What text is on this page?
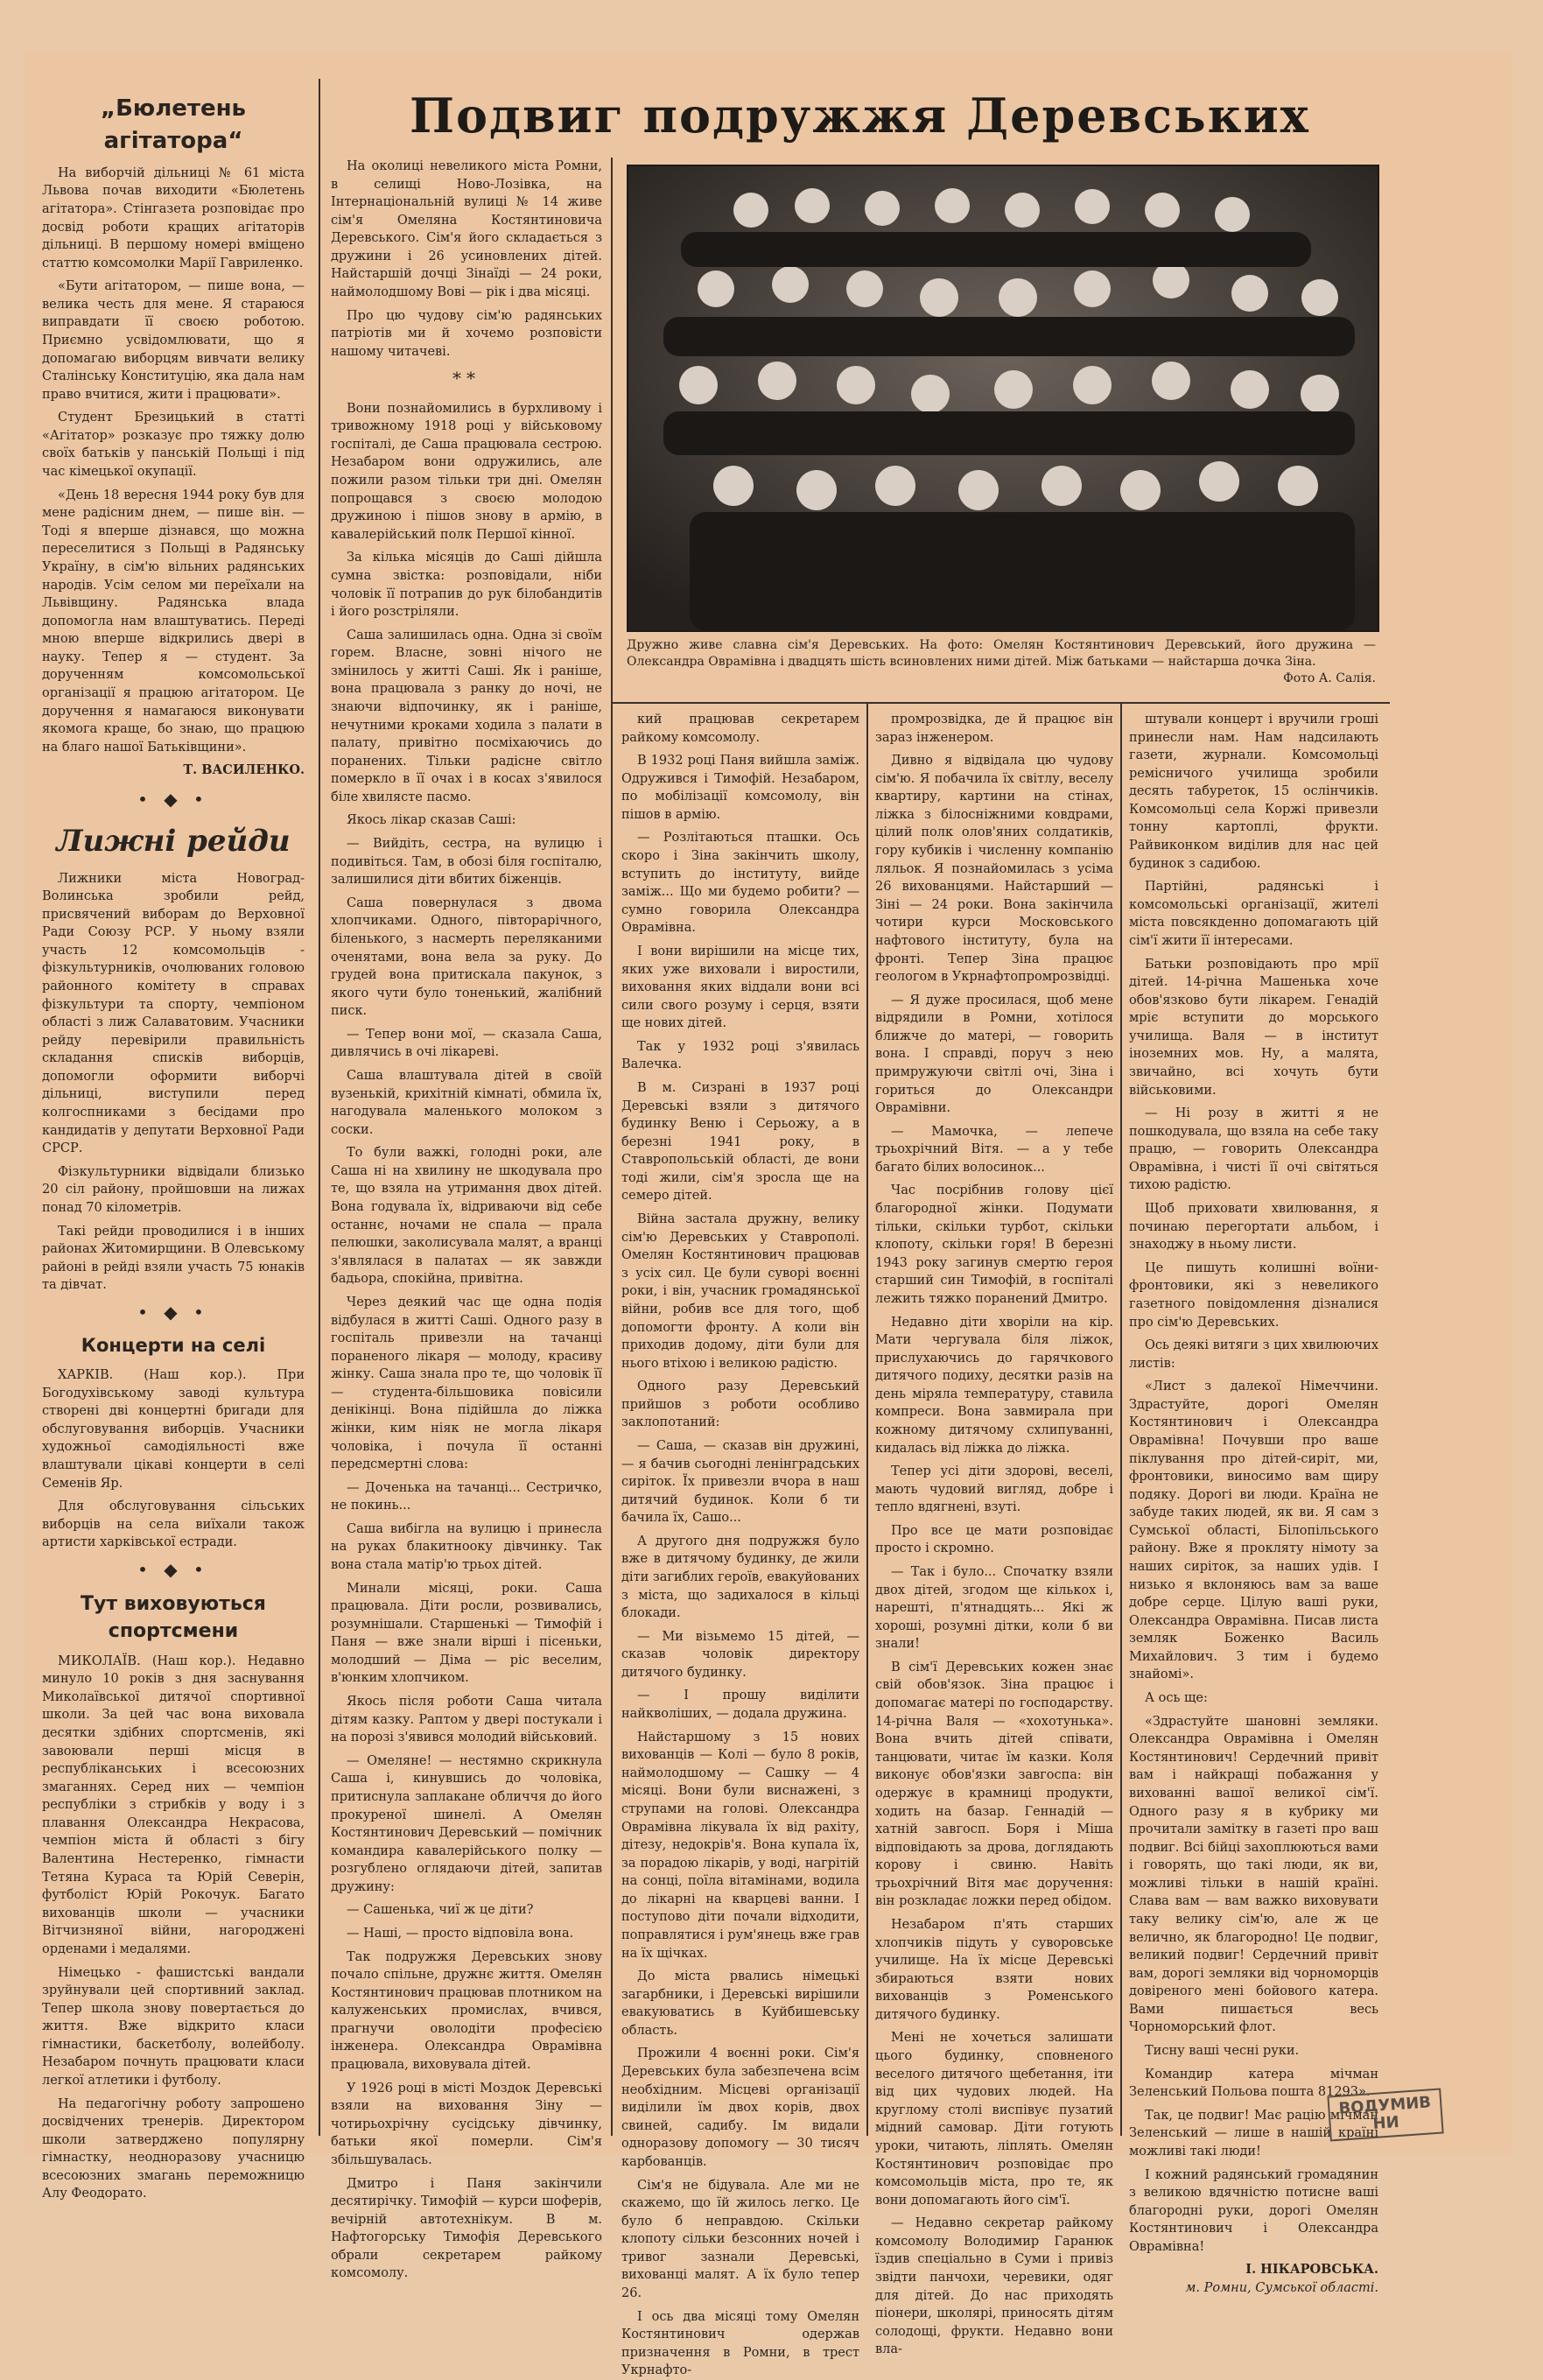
„Бюлетень агітатора“

На виборчій дільниці № 61 міста Львова почав виходити «Бюлетень агітатора». Стінгазета розповідає про досвід роботи кращих агітаторів дільниці. В першому номері вміщено статтю комсомолки Марії Гавриленко.

«Бути агітатором, — пише вона, — велика честь для мене. Я стараюся виправдати її своєю роботою. Приємно усвідомлювати, що я допомагаю виборцям вивчати велику Сталінську Конституцію, яка дала нам право вчитися, жити і працювати».

Студент Брезицький в статті «Агітатор» розказує про тяжку долю своїх батьків у панській Польщі і під час кімецької окупації.

«День 18 вересня 1944 року був для мене радісним днем, — пише він. — Тоді я вперше дізнався, що можна переселитися з Польщі в Радянську Україну, в сім'ю вільних радянських народів. Усім селом ми переїхали на Львівщину. Радянська влада допомогла нам влаштуватись. Переді мною вперше відкрились двері в науку. Тепер я — студент. За дорученням комсомольської організації я працюю агітатором. Це доручення я намагаюся виконувати якомога краще, бо знаю, що працюю на благо нашої Батьківщини».

Т. ВАСИЛЕНКО.
• ◆ •
Лижні рейди

Лижники міста Новоград-Волинська зробили рейд, присвячений виборам до Верховної Ради Союзу РСР. У ньому взяли участь 12 комсомольців - фізкультурників, очолюваних головою районного комітету в справах фізкультури та спорту, чемпіоном області з лиж Салаватовим. Учасники рейду перевірили правильність складання списків виборців, допомогли оформити виборчі дільниці, виступили перед колгоспниками з бесідами про кандидатів у депутати Верховної Ради СРСР.

Фізкультурники відвідали близько 20 сіл району, пройшовши на лижах понад 70 кілометрів.

Такі рейди проводилися і в інших районах Житомирщини. В Олевському районі в рейді взяли участь 75 юнаків та дівчат.

• ◆ •
Концерти на селі

ХАРКІВ. (Наш кор.). При Богодухівському заводі культура створені дві концертні бригади для обслуговування виборців. Учасники художньої самодіяльності вже влаштували цікаві концерти в селі Семенів Яр.

Для обслуговування сільських виборців на села виїхали також артисти харківської естради.

• ◆ •
Тут виховуються спортсмени

МИКОЛАЇВ. (Наш кор.). Недавно минуло 10 років з дня заснування Миколаївської дитячої спортивної школи. За цей час вона виховала десятки здібних спортсменів, які завоювали перші місця в республіканських і всесоюзних змаганнях. Серед них — чемпіон республіки з стрибків у воду і з плавання Олександра Некрасова, чемпіон міста й області з бігу Валентина Нестеренко, гімнасти Тетяна Кураса та Юрій Северін, футболіст Юрій Рокочук. Багато вихованців школи — учасники Вітчизняної війни, нагороджені орденами і медалями.

Німецько - фашистські вандали зруйнували цей спортивний заклад. Тепер школа знову повертається до життя. Вже відкрито класи гімнастики, баскетболу, волейболу. Незабаром почнуть працювати класи легкої атлетики і футболу.

На педагогічну роботу запрошено досвідчених тренерів. Директором школи затверджено популярну гімнастку, неодноразову учасницю всесоюзних змагань переможницю Алу Феодорато.

Подвиг подружжя Деревських

На околиці невеликого міста Ромни, в селищі Ново-Лозівка, на Інтернаціональній вулиці № 14 живе сім'я Омеляна Костянтиновича Деревського. Сім'я його складається з дружини і 26 усиновлених дітей. Найстаршій дочці Зінаїді — 24 роки, наймолодшому Вові — рік і два місяці.

Про цю чудову сім'ю радянських патріотів ми й хочемо розповісти нашому читачеві.

**

Вони познайомились в бурхливому і тривожному 1918 році у військовому госпіталі, де Саша працювала сестрою. Незабаром вони одружились, але пожили разом тільки три дні. Омелян попрощався з своєю молодою дружиною і пішов знову в армію, в кавалерійський полк Першої кінної.

За кілька місяців до Саші дійшла сумна звістка: розповідали, ніби чоловік її потрапив до рук білобандитів і його розстріляли.

Саша залишилась одна. Одна зі своїм горем. Власне, зовні нічого не змінилось у житті Саші. Як і раніше, вона працювала з ранку до ночі, не знаючи відпочинку, як і раніше, нечутними кроками ходила з палати в палату, привітно посміхаючись до поранених. Тільки радісне світло померкло в її очах і в косах з'явилося біле хвилясте пасмо.

Якось лікар сказав Саші:

— Вийдіть, сестра, на вулицю і подивіться. Там, в обозі біля госпіталю, залишилися діти вбитих біженців.

Саша повернулася з двома хлопчиками. Одного, півторарічного, біленького, з насмерть переляканими оченятами, вона вела за руку. До грудей вона притискала пакунок, з якого чути було тоненький, жалібний писк.

— Тепер вони мої, — сказала Саша, дивлячись в очі лікареві.

Саша влаштувала дітей в своїй вузенькій, крихітній кімнаті, обмила їх, нагодувала маленького молоком з соски.

То були важкі, голодні роки, але Саша ні на хвилину не шкодувала про те, що взяла на утримання двох дітей. Вона годувала їх, відриваючи від себе останнє, ночами не спала — прала пелюшки, заколисувала малят, а вранці з'являлася в палатах — як завжди бадьора, спокійна, привітна.

Через деякий час ще одна подія відбулася в житті Саші. Одного разу в госпіталь привезли на тачанці пораненого лікаря — молоду, красиву жінку. Саша знала про те, що чоловік її — студента-більшовика повісили денікінці. Вона підійшла до ліжка жінки, ким ніяк не могла лікаря чоловіка, і почула її останні передсмертні слова:

— Доченька на тачанці... Сестричко, не покинь...

Саша вибігла на вулицю і принесла на руках блакитнооку дівчинку. Так вона стала матір'ю трьох дітей.

Минали місяці, роки. Саша працювала. Діти росли, розвивались, розумнішали. Старшенькі — Тимофій і Паня — вже знали вірші і пісеньки, молодший — Діма — ріс веселим, в'юнким хлопчиком.

Якось після роботи Саша читала дітям казку. Раптом у двері постукали і на порозі з'явився молодий військовий.

— Омеляне! — нестямно скрикнула Саша і, кинувшись до чоловіка, притиснула заплакане обличчя до його прокуреної шинелі. А Омелян Костянтинович Деревський — помічник командира кавалерійського полку — розгублено оглядаючи дітей, запитав дружину:

— Сашенька, чиї ж це діти?

— Наші, — просто відповіла вона.

Так подружжя Деревських знову почало спільне, дружнє життя. Омелян Костянтинович працював плотником на калуженських промислах, вчився, прагнучи оволодіти професією інженера. Олександра Оврамівна працювала, виховувала дітей.

У 1926 році в місті Моздок Деревські взяли на виховання Зіну — чотирьохрічну сусідську дівчинку, батьки якої померли. Сім'я збільшувалась.

Дмитро і Паня закінчили десятирічку. Тимофій — курси шоферів, вечірній автотехнікум. В м. Нафтогорську Тимофія Деревського обрали секретарем райкому комсомолу.

Дружно живе славна сім'я Деревських. На фото: Омелян Костянтинович Деревський, його дружина — Олександра Оврамівна і двадцять шість всиновлених ними дітей. Між батьками — найстарша дочка Зіна.
Фото А. Салія.

кий працював секретарем райкому комсомолу.

В 1932 році Паня вийшла заміж. Одружився і Тимофій. Незабаром, по мобілізації комсомолу, він пішов в армію.

— Розлітаються пташки. Ось скоро і Зіна закінчить школу, вступить до інституту, вийде заміж... Що ми будемо робити? — сумно говорила Олександра Оврамівна.

І вони вирішили на місце тих, яких уже виховали і виростили, виховання яких віддали вони всі сили свого розуму і серця, взяти ще нових дітей.

Так у 1932 році з'явилась Валечка.

В м. Сизрані в 1937 році Деревські взяли з дитячого будинку Веню і Серьожу, а в березні 1941 року, в Ставропольській області, де вони тоді жили, сім'я зросла ще на семеро дітей.

Війна застала дружну, велику сім'ю Деревських у Ставрополі. Омелян Костянтинович працював з усіх сил. Це були суворі воєнні роки, і він, учасник громадянської війни, робив все для того, щоб допомогти фронту. А коли він приходив додому, діти були для нього втіхою і великою радістю.

Одного разу Деревський прийшов з роботи особливо заклопотаний:

— Саша, — сказав він дружині, — я бачив сьогодні ленінградських сиріток. Їх привезли вчора в наш дитячий будинок. Коли б ти бачила їх, Сашо...

А другого дня подружжя було вже в дитячому будинку, де жили діти загиблих героїв, евакуйованих з міста, що задихалося в кільці блокади.

— Ми візьмемо 15 дітей, — сказав чоловік директору дитячого будинку.

— І прошу виділити найкволіших, — додала дружина.

Найстаршому з 15 нових вихованців — Колі — було 8 років, наймолодшому — Сашку — 4 місяці. Вони були виснажені, з струпами на голові. Олександра Оврамівна лікувала їх від рахіту, дітезу, недокрів'я. Вона купала їх, за порадою лікарів, у воді, нагрітій на сонці, поїла вітамінами, водила до лікарні на кварцеві ванни. І поступово діти почали відходити, поправлятися і рум'янець вже грав на їх щічках.

До міста рвались німецькі загарбники, і Деревські вирішили евакуюватись в Куйбишевську область.

Прожили 4 воєнні роки. Сім'я Деревських була забезпечена всім необхідним. Місцеві організації виділили їм двох корів, двох свиней, садибу. Ім видали одноразову допомогу — 30 тисяч карбованців.

Сім'я не бідувала. Але ми не скажемо, що їй жилось легко. Це було б неправдою. Скільки клопоту сільки безсонних ночей і тривог зазнали Деревські, вихованці малят. А їх було тепер 26.

І ось два місяці тому Омелян Костянтинович одержав призначення в Ромни, в трест Укрнафто-

промрозвідка, де й працює він зараз інженером.

Дивно я відвідала цю чудову сім'ю. Я побачила їх світлу, веселу квартиру, картини на стінах, ліжка з білосніжними ковдрами, цілий полк олов'яних солдатиків, гору кубиків і численну компанію ляльок. Я познайомилась з усіма 26 вихованцями. Найстарший — Зіні — 24 роки. Вона закінчила чотири курси Московського нафтового інституту, була на фронті. Тепер Зіна працює геологом в Укрнафтопромрозвідці.

— Я дуже просилася, щоб мене відрядили в Ромни, хотілося ближче до матері, — говорить вона. І справді, поруч з нею примружуючи світлі очі, Зіна і гориться до Олександри Оврамівни.

— Мамочка, — лепече трьохрічний Вітя. — а у тебе багато білих волосинок...

Час посрібнив голову цієї благородної жінки. Подумати тільки, скільки турбот, скільки клопоту, скільки горя! В березні 1943 року загинув смертю героя старший син Тимофій, в госпіталі лежить тяжко поранений Дмитро.

Недавно діти хворіли на кір. Мати чергувала біля ліжок, прислухаючись до гарячкового дитячого подиху, десятки разів на день міряла температуру, ставила компреси. Вона завмирала при кожному дитячому схлипуванні, кидалась від ліжка до ліжка.

Тепер усі діти здорові, веселі, мають чудовий вигляд, добре і тепло вдягнені, взуті.

Про все це мати розповідає просто і скромно.

— Так і було... Спочатку взяли двох дітей, згодом ще кількох і, нарешті, п'ятнадцять... Які ж хороші, розумні дітки, коли б ви знали!

В сім'ї Деревських кожен знає свій обов'язок. Зіна працює і допомагає матері по господарству. 14-річна Валя — «хохотунька». Вона вчить дітей співати, танцювати, читає їм казки. Коля виконує обов'язки завгоспа: він одержує в крамниці продукти, ходить на базар. Геннадій — хатній завгосп. Боря і Міша відповідають за дрова, доглядають корову і свиню. Навіть трьохрічний Вітя має доручення: він розкладає ложки перед обідом.

Незабаром п'ять старших хлопчиків підуть у суворовське училище. На їх місце Деревські збираються взяти нових вихованців з Роменського дитячого будинку.

Мені не хочеться залишати цього будинку, сповненого веселого дитячого щебетання, іти від цих чудових людей. На круглому столі виспівує пузатий мідний самовар. Діти готують уроки, читають, ліплять. Омелян Костянтинович розповідає про комсомольців міста, про те, як вони допомагають його сім'ї.

— Недавно секретар райкому комсомолу Володимир Гаранюк їздив спеціально в Суми і привіз звідти панчохи, черевики, одяг для дітей. До нас приходять піонери, школярі, приносять дітям солодощі, фрукти. Недавно вони вла-

штували концерт і вручили гроші принесли нам. Нам надсилають газети, журнали. Комсомольці ремісничого училища зробили десять табуреток, 15 ослінчиків. Комсомольці села Коржі привезли тонну картоплі, фрукти. Райвиконком виділив для нас цей будинок з садибою.

Партійні, радянські і комсомольські організації, жителі міста повсякденно допомагають цій сім'ї жити її інтересами.

Батьки розповідають про мрії дітей. 14-річна Машенька хоче обов'язково бути лікарем. Генадій мріє вступити до морського училища. Валя — в інститут іноземних мов. Ну, а малята, звичайно, всі хочуть бути військовими.

— Ні розу в житті я не пошкодувала, що взяла на себе таку працю, — говорить Олександра Оврамівна, і чисті її очі світяться тихою радістю.

Щоб приховати хвилювання, я починаю перегортати альбом, і знаходжу в ньому листи.

Це пишуть колишні воїни-фронтовики, які з невеликого газетного повідомлення дізналися про сім'ю Деревських.

Ось деякі витяги з цих хвилюючих листів:

«Лист з далекої Німеччини. Здрастуйте, дорогі Омелян Костянтинович і Олександра Оврамівна! Почувши про ваше піклування про дітей-сиріт, ми, фронтовики, виносимо вам щиру подяку. Дорогі ви люди. Країна не забуде таких людей, як ви. Я сам з Сумської області, Білопільського району. Вже я прокляту німоту за наших сиріток, за наших удів. І низько я вклоняюсь вам за ваше добре серце. Цілую ваші руки, Олександра Оврамівна. Писав листа земляк Боженко Василь Михайлович. З тим і будемо знайомі».

А ось ще:

«Здрастуйте шановні земляки. Олександра Оврамівна і Омелян Костянтинович! Сердечний привіт вам і найкращі побажання у вихованні вашої великої сім'ї. Одного разу я в кубрику ми прочитали замітку в газеті про ваш подвиг. Всі бійці захоплюються вами і говорять, що такі люди, як ви, можливі тільки в нашій країні. Слава вам — вам важко виховувати таку велику сім'ю, але ж це велично, як благородно! Це подвиг, великий подвиг! Сердечний привіт вам, дорогі земляки від чорноморців довіреного мені бойового катера. Вами пишається весь Чорноморський флот.

Тисну ваші чесні руки.

Командир катера мічман Зеленський Польова пошта 81293».

Так, це подвиг! Має рацію мічман Зеленський — лише в нашій країні можливі такі люди!

І кожний радянський громадянин з великою вдячністю потисне ваші благородні руки, дорогі Омелян Костянтинович і Олександра Оврамівна!

І. НІКАРОВСЬКА.
м. Ромни, Сумської області.
ВОДУМИВ НИ
